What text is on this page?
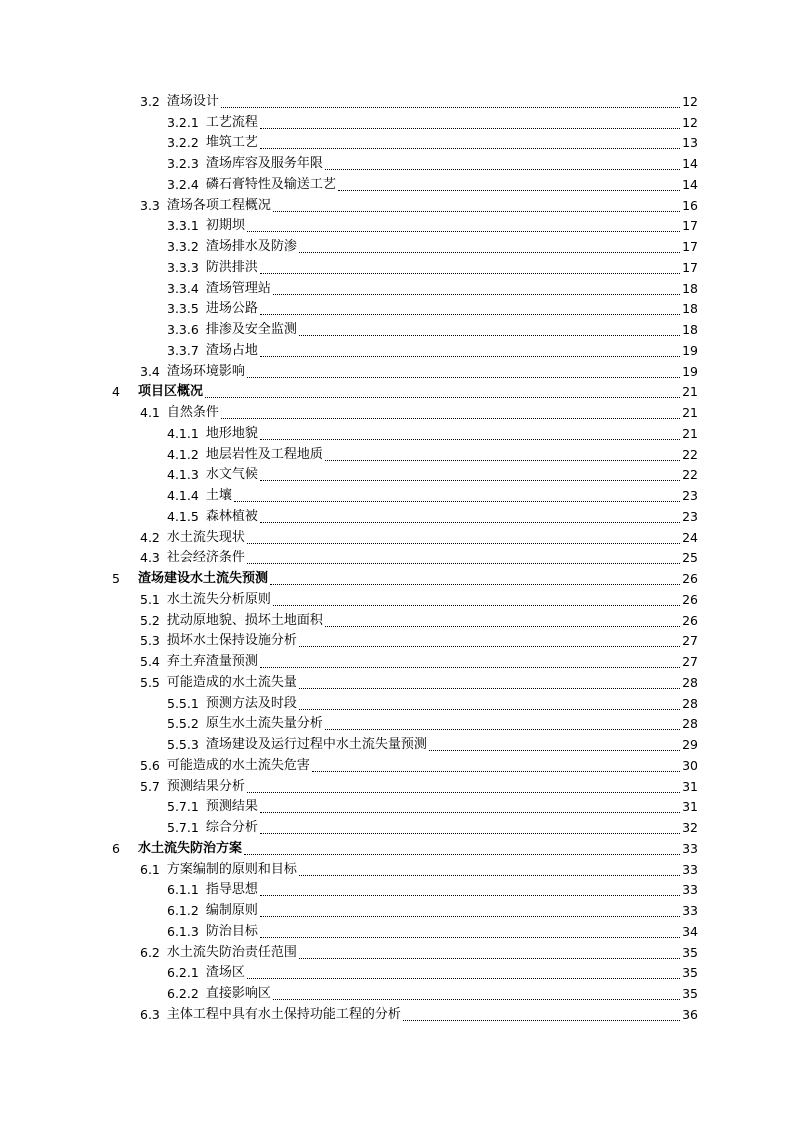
3.2 渣场设计	12
3.2.1 工艺流程	12
3.2.2 堆筑工艺	13
3.2.3 渣场库容及服务年限	14
3.2.4 磷石膏特性及输送工艺	14
3.3 渣场各项工程概况	16
3.3.1 初期坝	17
3.3.2 渣场排水及防渗	17
3.3.3 防洪排洪	17
3.3.4 渣场管理站	18
3.3.5 进场公路	18
3.3.6 排渗及安全监测	18
3.3.7 渣场占地	19
3.4 渣场环境影响	19
4	项目区概况	21
4.1 自然条件	21
4.1.1 地形地貌	21
4.1.2 地层岩性及工程地质	22
4.1.3 水文气候	22
4.1.4 土壤	23
4.1.5 森林植被	23
4.2 水土流失现状	24
4.3 社会经济条件	25
5	渣场建设水土流失预测	26
5.1 水土流失分析原则	26
5.2 扰动原地貌、损坏土地面积	26
5.3 损坏水土保持设施分析	27
5.4 弃土弃渣量预测	27
5.5 可能造成的水土流失量	28
5.5.1 预测方法及时段	28
5.5.2 原生水土流失量分析	28
5.5.3 渣场建设及运行过程中水土流失量预测	29
5.6 可能造成的水土流失危害	30
5.7 预测结果分析	31
5.7.1 预测结果	31
5.7.1 综合分析	32
6	水土流失防治方案	33
6.1 方案编制的原则和目标	33
6.1.1 指导思想	33
6.1.2 编制原则	33
6.1.3 防治目标	34
6.2 水土流失防治责任范围	35
6.2.1 渣场区	35
6.2.2 直接影响区	35
6.3 主体工程中具有水土保持功能工程的分析	36
